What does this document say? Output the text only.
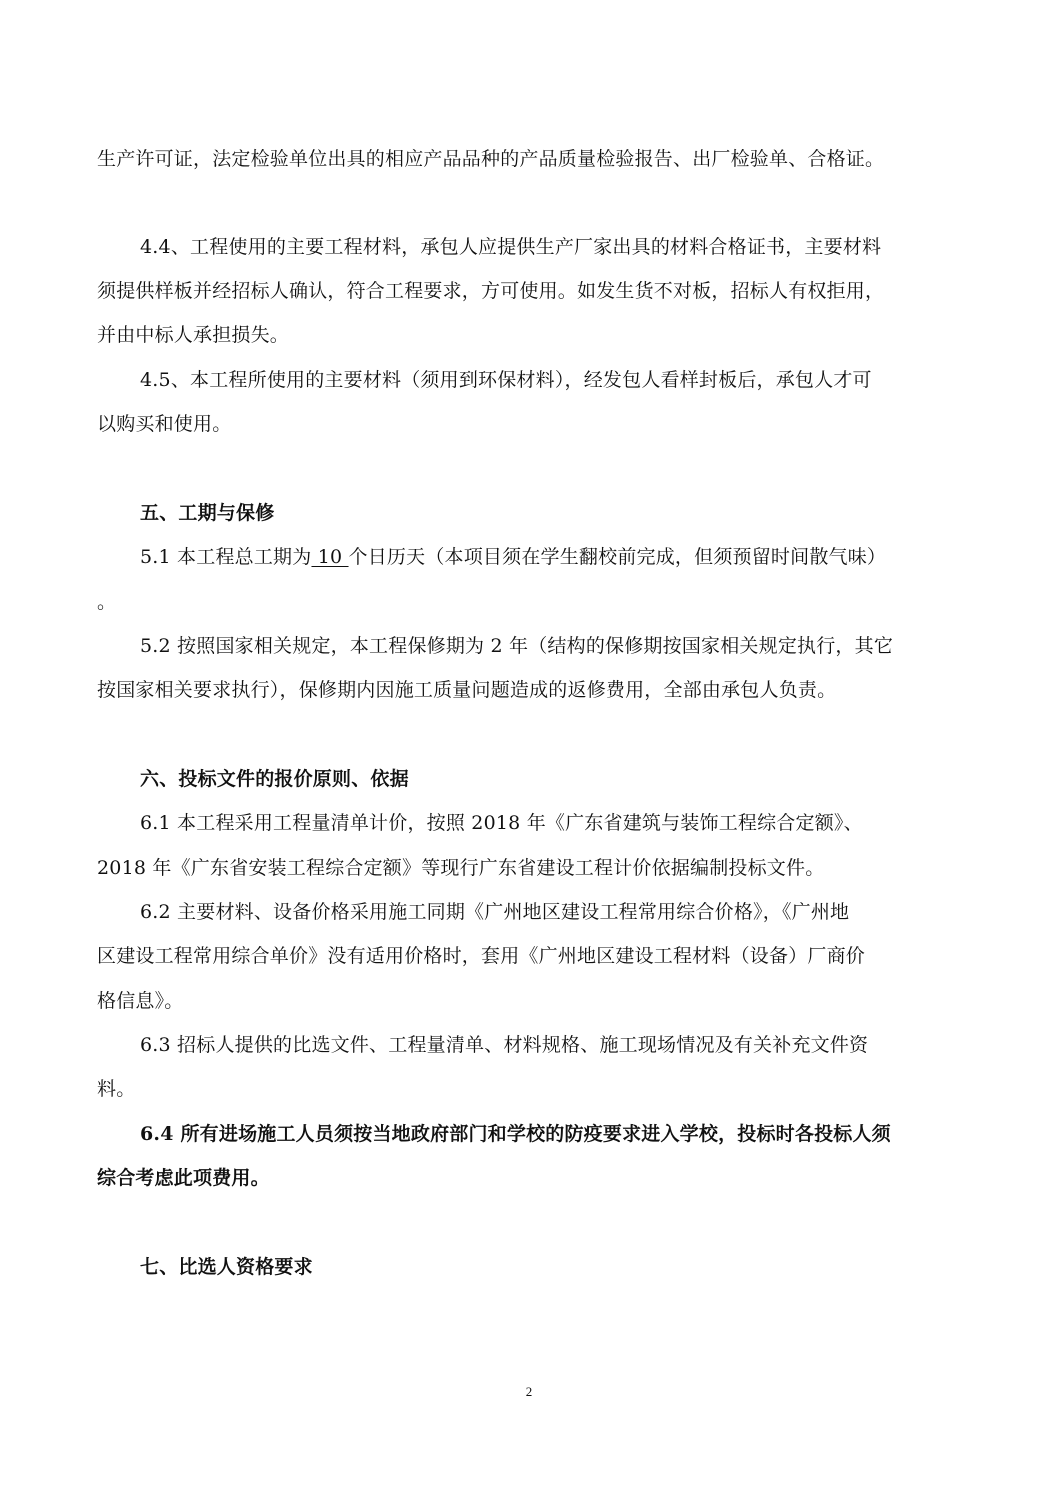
生产许可证，法定检验单位出具的相应产品品种的产品质量检验报告、出厂检验单、合格证。
4.4、工程使用的主要工程材料，承包人应提供生产厂家出具的材料合格证书，主要材料
须提供样板并经招标人确认，符合工程要求，方可使用。如发生货不对板，招标人有权拒用，
并由中标人承担损失。
4.5、本工程所使用的主要材料（须用到环保材料），经发包人看样封板后，承包人才可
以购买和使用。
五、工期与保修
5.1 本工程总工期为 10 个日历天（本项目须在学生翻校前完成，但须预留时间散气味）
。
5.2 按照国家相关规定，本工程保修期为 2 年（结构的保修期按国家相关规定执行，其它
按国家相关要求执行），保修期内因施工质量问题造成的返修费用，全部由承包人负责。
六、投标文件的报价原则、依据
6.1 本工程采用工程量清单计价，按照 2018 年《广东省建筑与装饰工程综合定额》、
2018 年《广东省安装工程综合定额》等现行广东省建设工程计价依据编制投标文件。
6.2 主要材料、设备价格采用施工同期《广州地区建设工程常用综合价格》，《广州地
区建设工程常用综合单价》没有适用价格时，套用《广州地区建设工程材料（设备）厂商价
格信息》。
6.3 招标人提供的比选文件、工程量清单、材料规格、施工现场情况及有关补充文件资
料。
6.4 所有进场施工人员须按当地政府部门和学校的防疫要求进入学校，投标时各投标人须
综合考虑此项费用。
七、比选人资格要求
2
